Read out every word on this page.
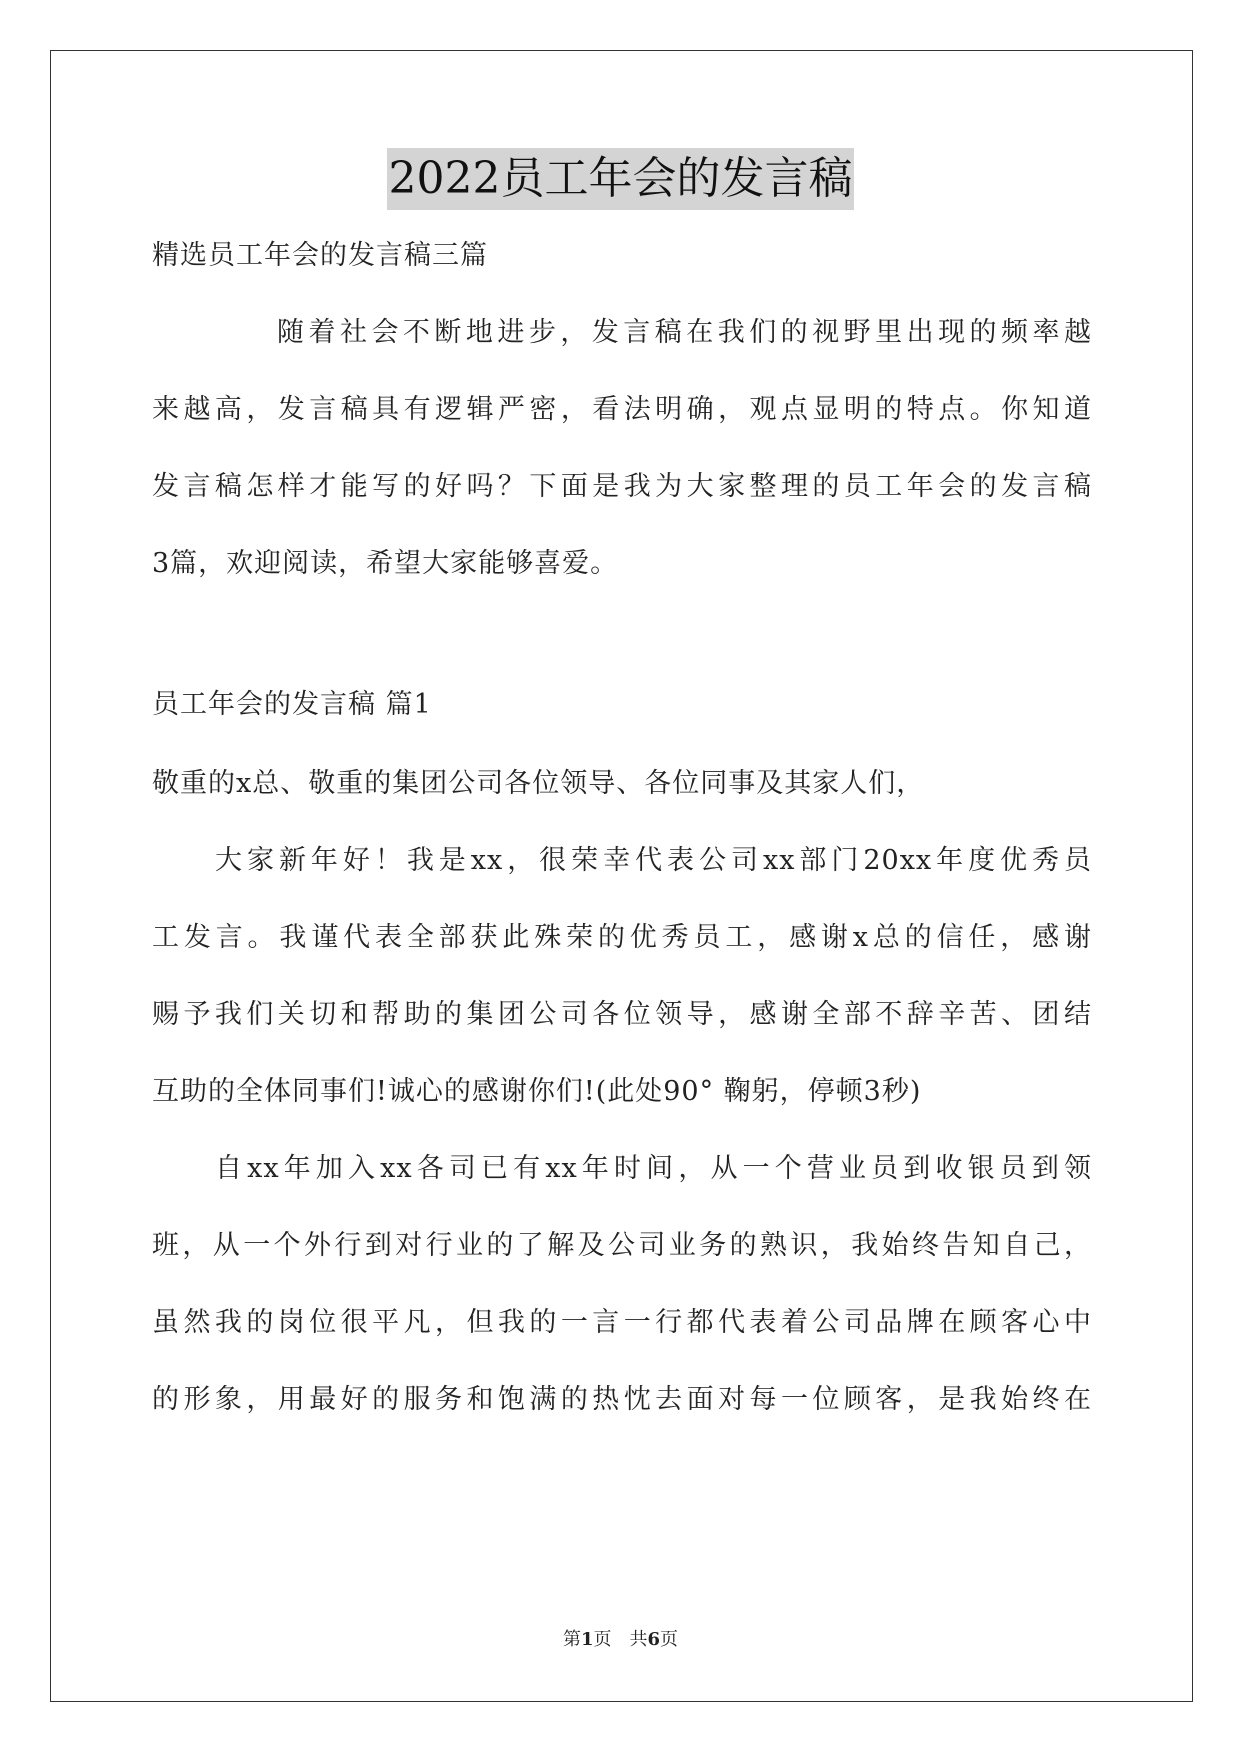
2022员工年会的发言稿
精选员工年会的发言稿三篇
随着社会不断地进步，发言稿在我们的视野里出现的频率越
来越高，发言稿具有逻辑严密，看法明确，观点显明的特点。你知道
发言稿怎样才能写的好吗？下面是我为大家整理的员工年会的发言稿
3篇，欢迎阅读，希望大家能够喜爱。
员工年会的发言稿 篇1
敬重的x总、敬重的集团公司各位领导、各位同事及其家人们，
大家新年好！我是xx，很荣幸代表公司xx部门20xx年度优秀员
工发言。我谨代表全部获此殊荣的优秀员工，感谢x总的信任，感谢
赐予我们关切和帮助的集团公司各位领导，感谢全部不辞辛苦、团结
互助的全体同事们!诚心的感谢你们!(此处90° 鞠躬，停顿3秒)
自xx年加入xx各司已有xx年时间，从一个营业员到收银员到领
班，从一个外行到对行业的了解及公司业务的熟识，我始终告知自己，
虽然我的岗位很平凡，但我的一言一行都代表着公司品牌在顾客心中
的形象，用最好的服务和饱满的热忱去面对每一位顾客，是我始终在
第1页　共6页
